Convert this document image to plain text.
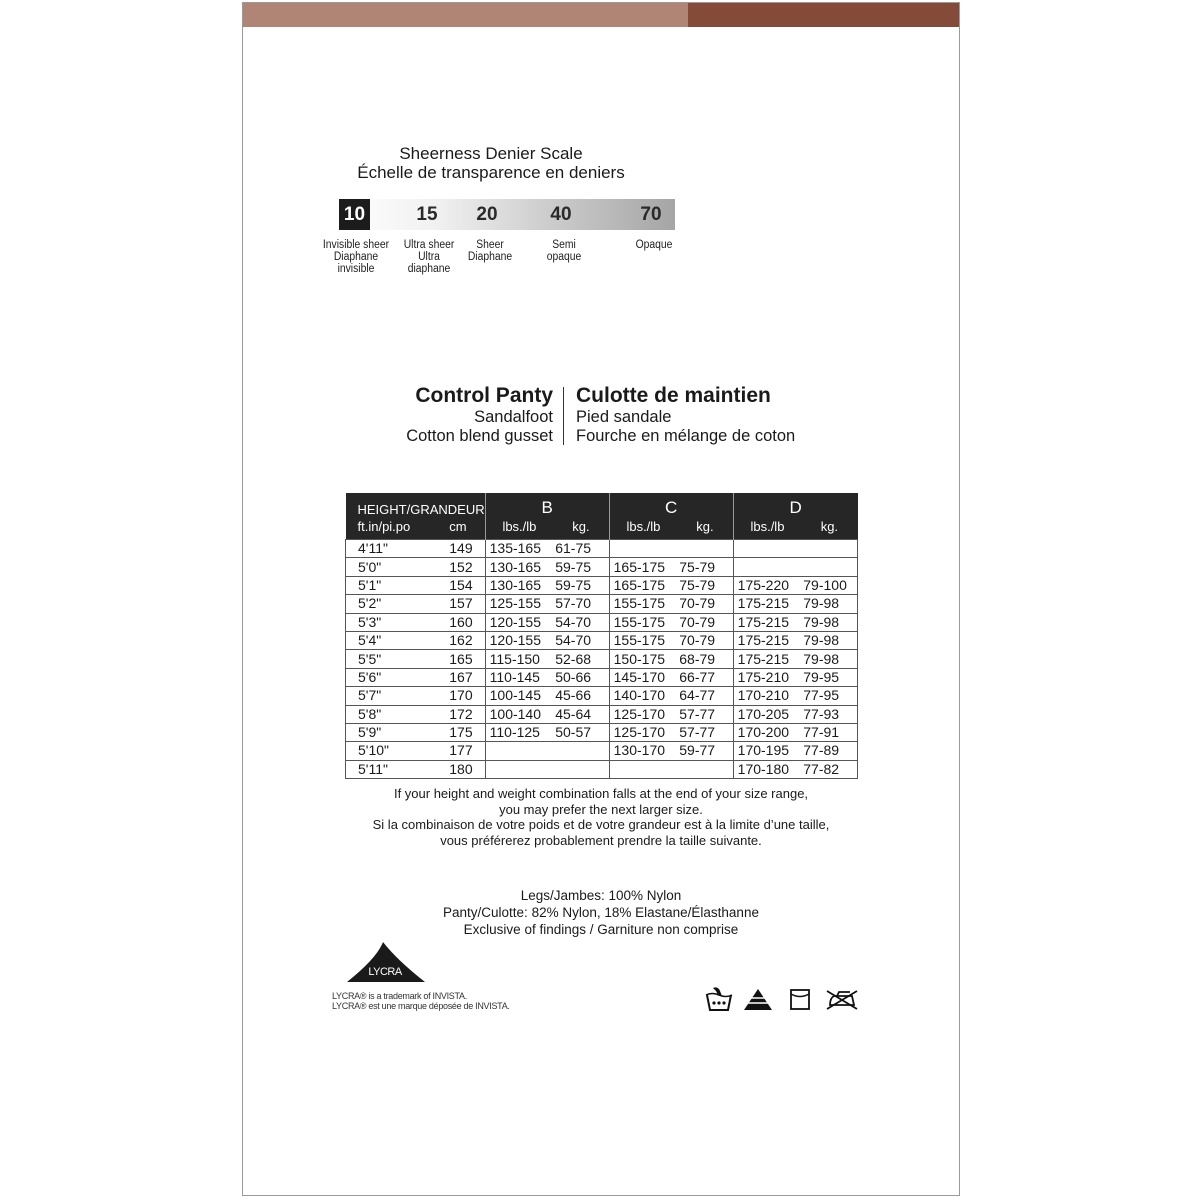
Sheerness Denier Scale
Échelle de transparence en deniers
10	15 20	40	70
Invisible sheer
Diaphane
invisible
Ultra sheer
Ultra
diaphane
Sheer
Diaphane
Semi
opaque
Opaque
Control Panty
Sandalfoot
Cotton blend gusset
Culotte de maintien
Pied sandale
Fourche en mélange de coton
HEIGHT/GRANDEUR		B		C		D	
ft.in/pi.po	cm	lbs./lb	kg.	lbs./lb	kg.	lbs./lb	kg.
4'11"	149	135-165	61-75				
5'0"	152	130-165	59-75	165-175	75-79		
5'1"	154	130-165	59-75	165-175	75-79	175-220	79-100
5'2"	157	125-155	57-70	155-175	70-79	175-215	79-98
5'3"	160	120-155	54-70	155-175	70-79	175-215	79-98
5'4"	162	120-155	54-70	155-175	70-79	175-215	79-98
5'5"	165	115-150	52-68	150-175	68-79	175-215	79-98
5'6"	167	110-145	50-66	145-170	66-77	175-210	79-95
5'7"	170	100-145	45-66	140-170	64-77	170-210	77-95
5'8"	172	100-140	45-64	125-170	57-77	170-205	77-93
5'9"	175	110-125	50-57	125-170	57-77	170-200	77-91
5'10"	177			130-170	59-77	170-195	77-89
5'11"	180					170-180	77-82
If your height and weight combination falls at the end of your size range,
you may prefer the next larger size.
Si la combinaison de votre poids et de votre grandeur est à la limite d’une taille,
vous préférerez probablement prendre la taille suivante.
Legs/Jambes: 100% Nylon
Panty/Culotte: 82% Nylon, 18% Elastane/Élasthanne
Exclusive of findings / Garniture non comprise
LYCRA
LYCRA® is a trademark of INVISTA.
LYCRA® est une marque déposée de INVISTA.
